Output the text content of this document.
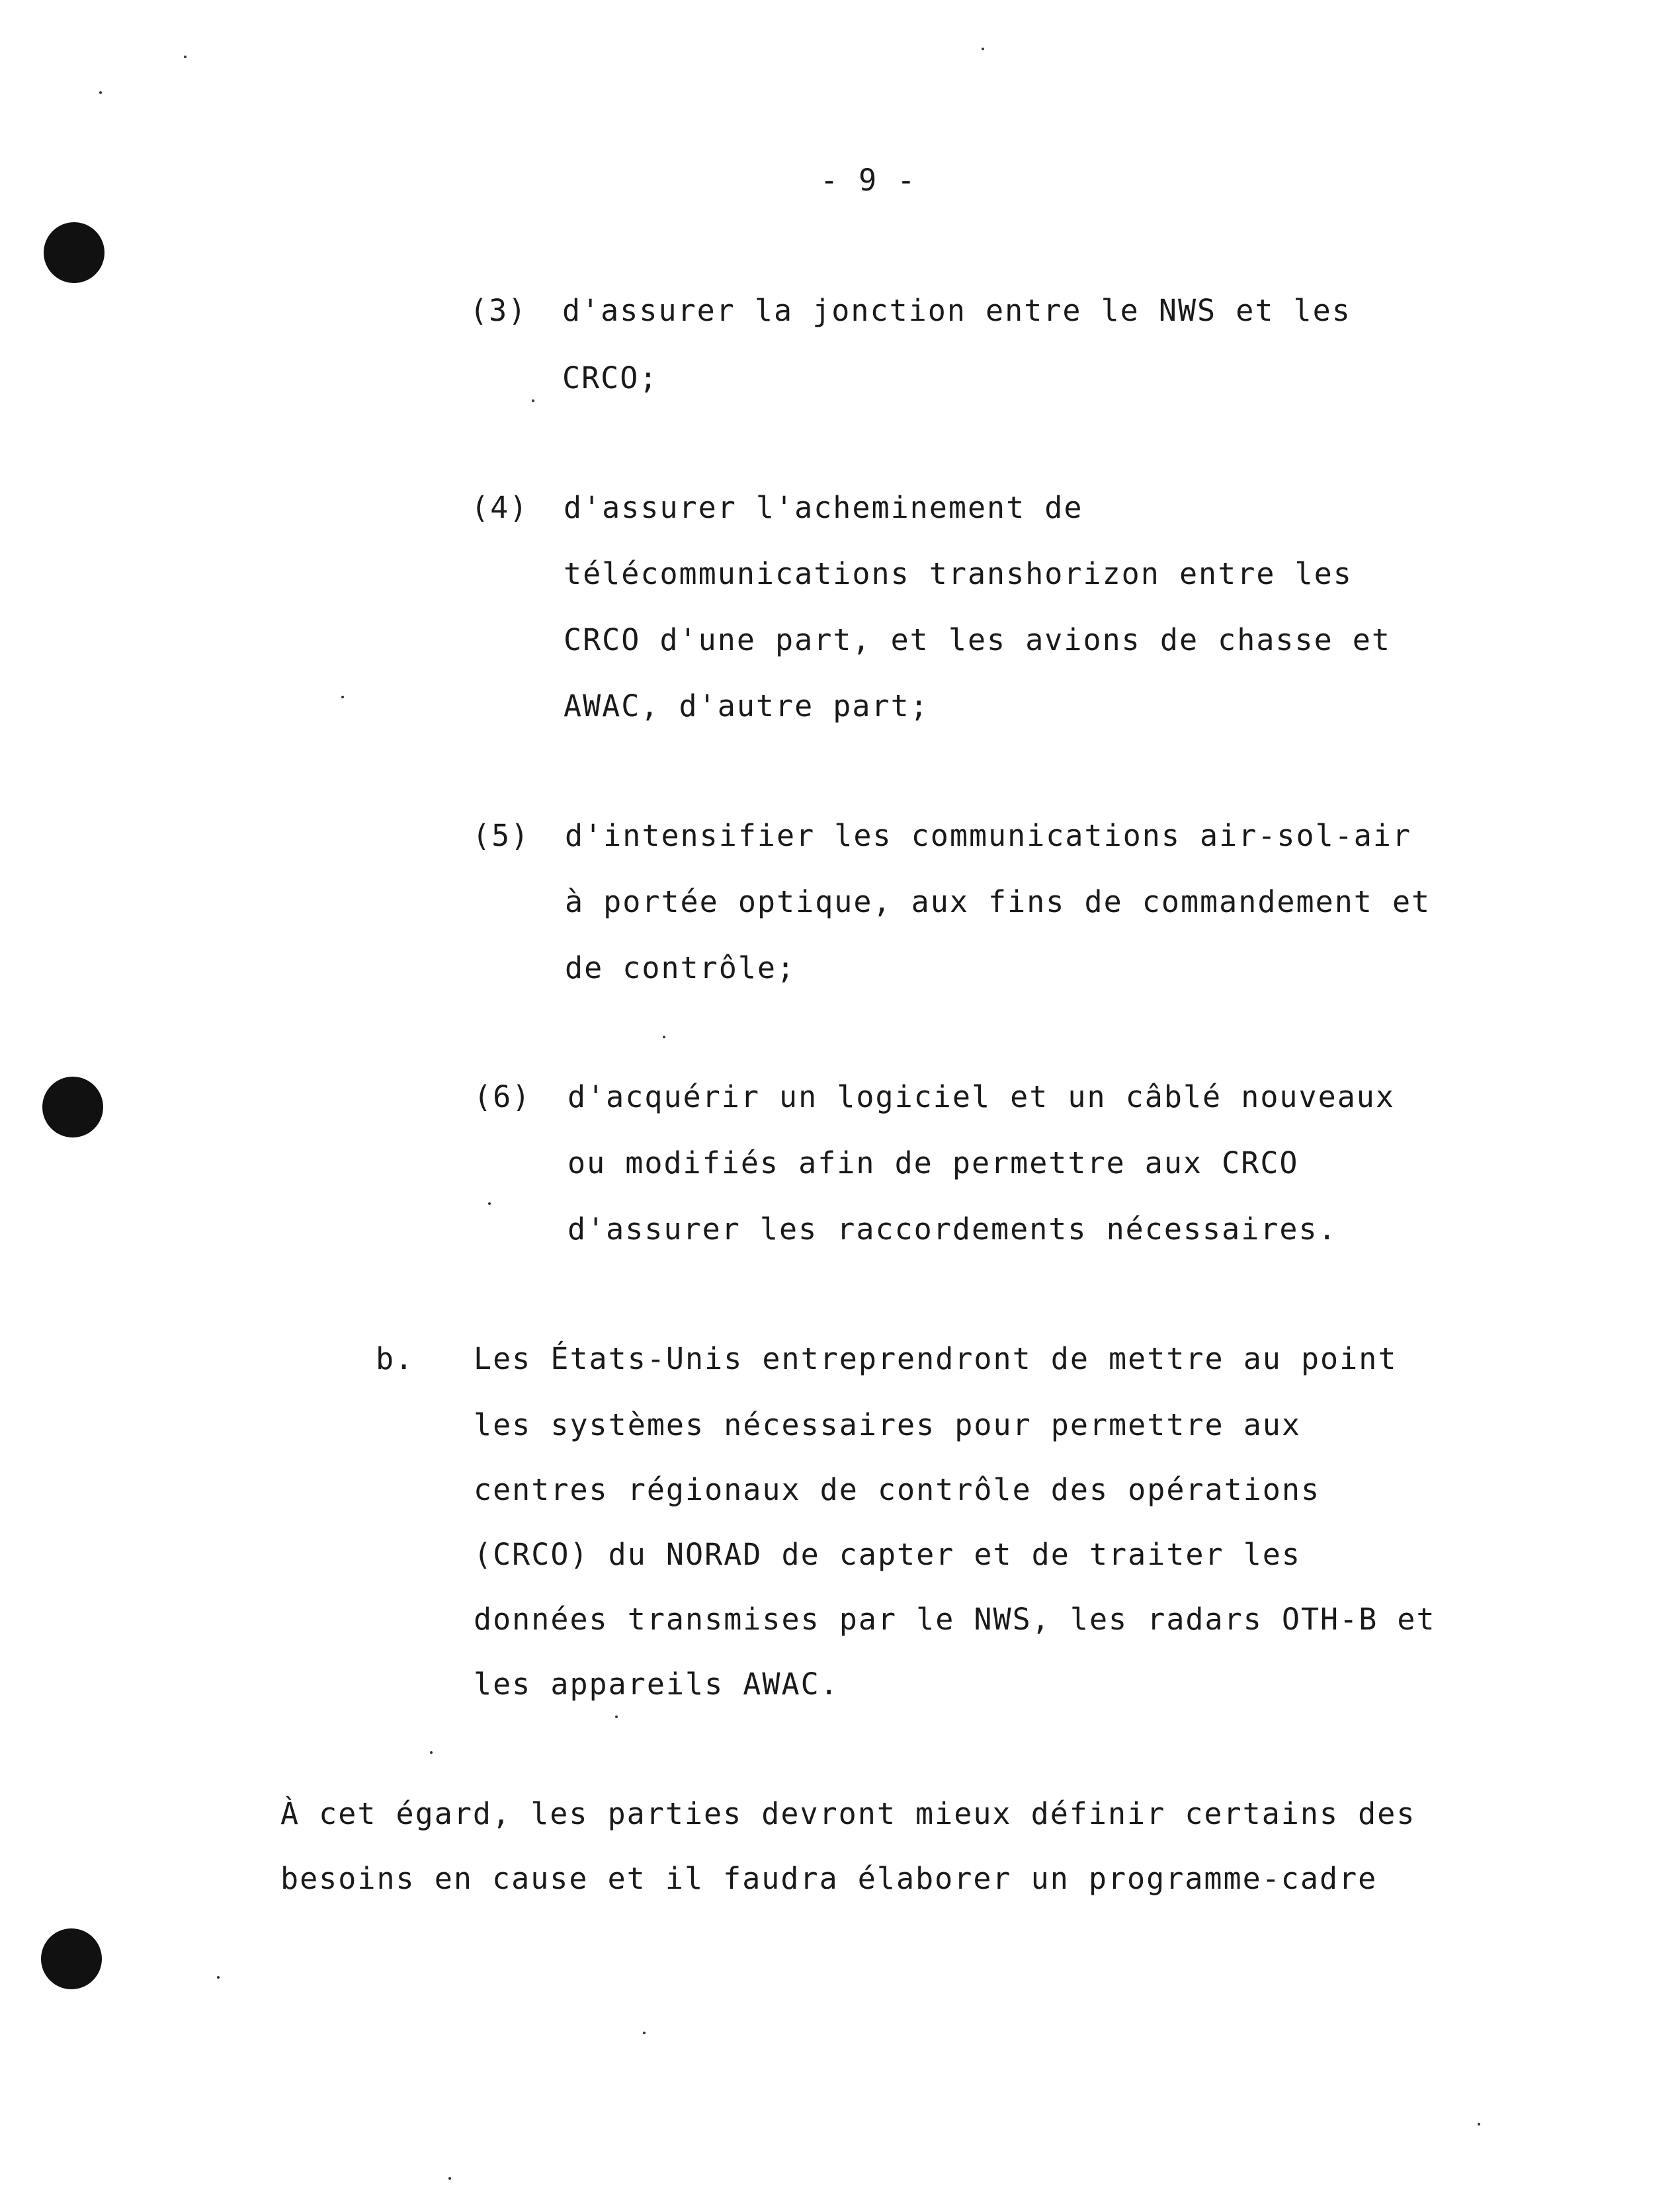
- 9 -
(3) d'assurer la jonction entre le NWS et les
CRCO;
(4) d'assurer l'acheminement de
télécommunications transhorizon entre les
CRCO d'une part, et les avions de chasse et
AWAC, d'autre part;
(5) d'intensifier les communications air-sol-air
à portée optique, aux fins de commandement et
de contrôle;
(6) d'acquérir un logiciel et un câblé nouveaux
ou modifiés afin de permettre aux CRCO
d'assurer les raccordements nécessaires.
b. Les États-Unis entreprendront de mettre au point
les systèmes nécessaires pour permettre aux
centres régionaux de contrôle des opérations
(CRCO) du NORAD de capter et de traiter les
données transmises par le NWS, les radars OTH-B et
les appareils AWAC.
À cet égard, les parties devront mieux définir certains des
besoins en cause et il faudra élaborer un programme-cadre
